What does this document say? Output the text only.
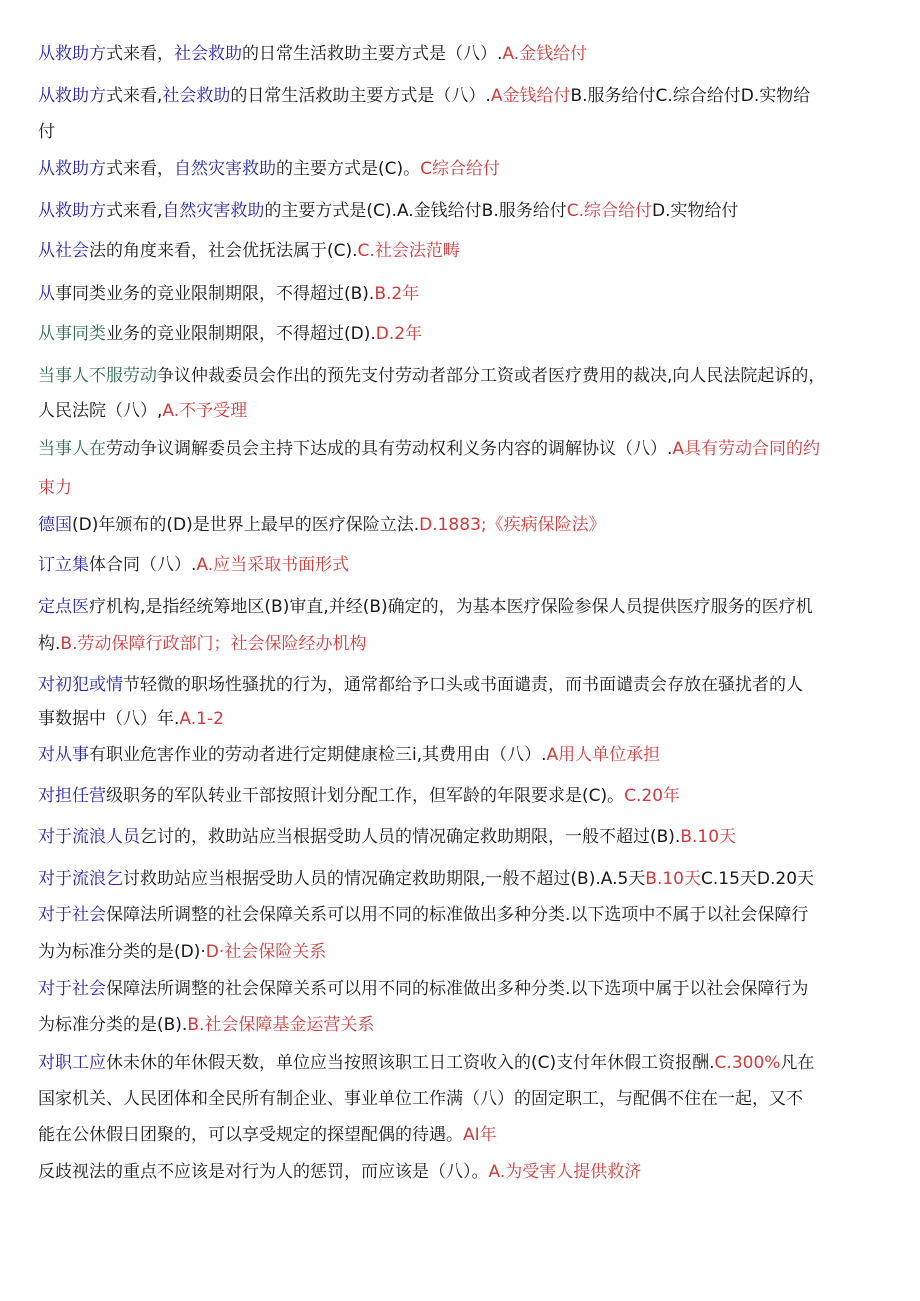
从救助方式来看，社会救助的日常生活救助主要方式是（八）.A.金钱给付
从救助方式来看,社会救助的日常生活救助主要方式是（八）.A金钱给付B.服务给付C.综合给付D.实物给
付
从救助方式来看，自然灾害救助的主要方式是(C)。C综合给付
从救助方式来看,自然灾害救助的主要方式是(C).A.金钱给付B.服务给付C.综合给付D.实物给付
从社会法的角度来看，社会优抚法属于(C).C.社会法范畴
从事同类业务的竞业限制期限，不得超过(B).B.2年
从事同类业务的竞业限制期限，不得超过(D).D.2年
当事人不服劳动争议仲裁委员会作出的预先支付劳动者部分工资或者医疗费用的裁决,向人民法院起诉的，
人民法院（八）,A.不予受理
当事人在劳动争议调解委员会主持下达成的具有劳动权利义务内容的调解协议（八）.A具有劳动合同的约
束力
德国(D)年颁布的(D)是世界上最早的医疗保险立法.D.1883;《疾病保险法》
订立集体合同（八）.A.应当采取书面形式
定点医疗机构,是指经统筹地区(B)审直,并经(B)确定的，为基本医疗保险参保人员提供医疗服务的医疗机
构.B.劳动保障行政部门；社会保险经办机构
对初犯或情节轻微的职场性骚扰的行为，通常都给予口头或书面谴责，而书面谴责会存放在骚扰者的人
事数据中（八）年.A.1-2
对从事有职业危害作业的劳动者进行定期健康检三i,其费用由（八）.A用人单位承担
对担任营级职务的军队转业干部按照计划分配工作，但军龄的年限要求是(C)。C.20年
对于流浪人员乞讨的，救助站应当根据受助人员的情况确定救助期限，一般不超过(B).B.10天
对于流浪乞讨救助站应当根据受助人员的情况确定救助期限,一般不超过(B).A.5天B.10天C.15天D.20天
对于社会保障法所调整的社会保障关系可以用不同的标准做出多种分类.以下选项中不属于以社会保障行
为为标准分类的是(D)·D·社会保险关系
对于社会保障法所调整的社会保障关系可以用不同的标准做出多种分类.以下选项中属于以社会保障行为
为标准分类的是(B).B.社会保障基金运营关系
对职工应休未休的年休假天数，单位应当按照该职工日工资收入的(C)支付年休假工资报酬.C.300%凡在
国家机关、人民团体和全民所有制企业、事业单位工作满（八）的固定职工，与配偶不住在一起，又不
能在公休假日团聚的，可以享受规定的探望配偶的待遇。AI年
反歧视法的重点不应该是对行为人的惩罚，而应该是（八）。A.为受害人提供救济
